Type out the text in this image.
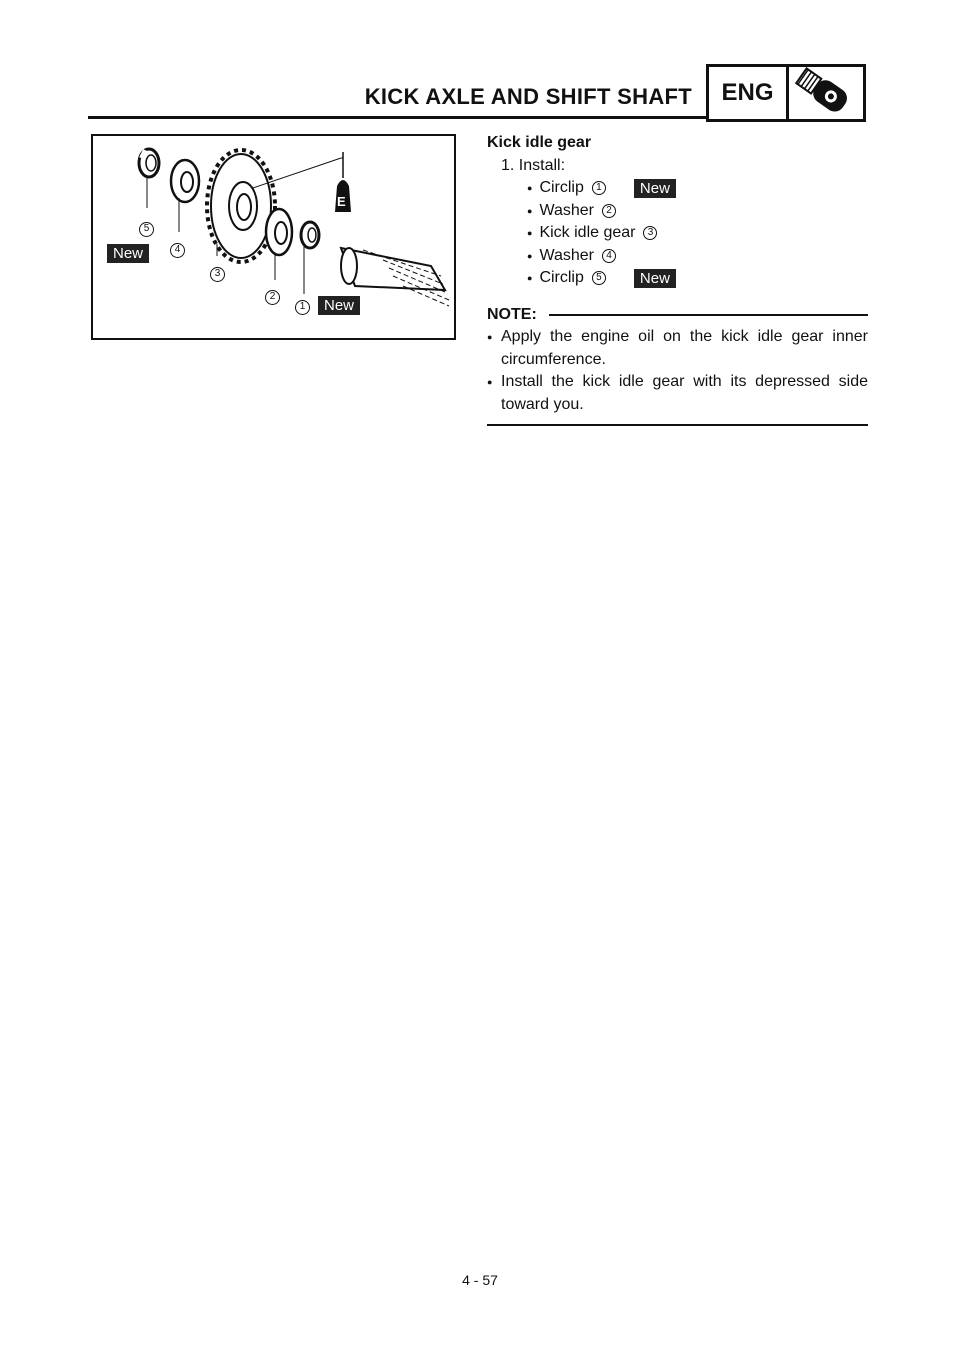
KICK AXLE AND SHIFT SHAFT	ENG
E
5
4
3
2
1
New
New
Kick idle gear
1. Install:
● Circlip	1	New
● Washer	2
● Kick idle gear	3
● Washer	4
● Circlip	5	New
NOTE:
● Apply the engine oil on the kick idle gear inner circumference.
● Install the kick idle gear with its depressed side toward you.
4 - 57
